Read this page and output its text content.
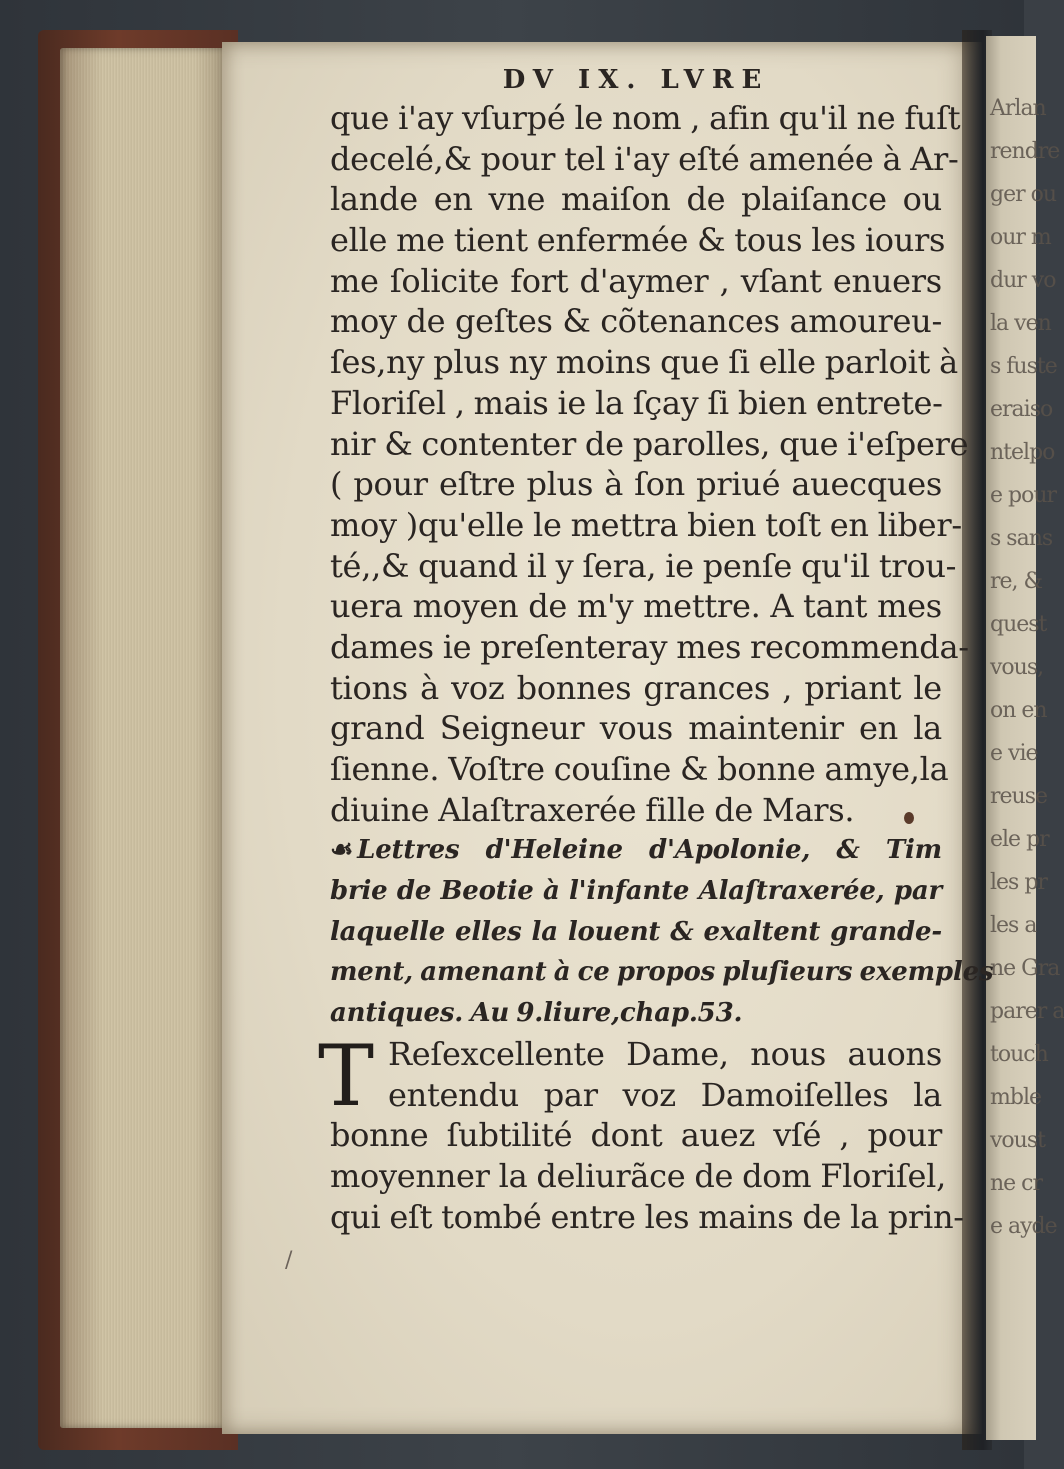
Arlan
rendre
ger ou
our m
dur vo
la ven
s fuste
eraiso
ntelpo
e pour
s sans
re, &
quest
vous,
on en
e vie
reuse
ele pr
les pr
les a
ne Gra
parer a
touch
mble
voust
ne cr
e ayde
DV IX. LVRE
que i'ay vſurpé le nom , afin qu'il ne fuſt
decelé,& pour tel i'ay eſté amenée à Ar-
lande en vne maiſon de plaiſance ou
elle me tient enfermée & tous les iours
me ſolicite fort d'aymer , vſant enuers
moy de geſtes & cõtenances amoureu-
ſes,ny plus ny moins que ſi elle parloit à
Floriſel , mais ie la ſçay ſi bien entrete-
nir & contenter de parolles, que i'eſpere
( pour eſtre plus à ſon priué auecques
moy )qu'elle le mettra bien toſt en liber-
té,,& quand il y ſera, ie penſe qu'il trou-
uera moyen de m'y mettre. A tant mes
dames ie preſenteray mes recommenda-
tions à voz bonnes grances , priant le
grand Seigneur vous maintenir en la
ſienne. Voſtre couſine & bonne amye,la
diuine Alaſtraxerée fille de Mars.
☙ Lettres d'Heleine d'Apolonie, & Tim
brie de Beotie à l'infante Alaſtraxerée, par
laquelle elles la louent & exaltent grande-
ment, amenant à ce propos pluſieurs exemples
antiques. Au 9.liure,chap.53.
T Reſexcellente Dame, nous auons
entendu par voz Damoiſelles la
bonne ſubtilité dont auez vſé , pour
moyenner la deliurãce de dom Floriſel,
qui eſt tombé entre les mains de la prin-
/
